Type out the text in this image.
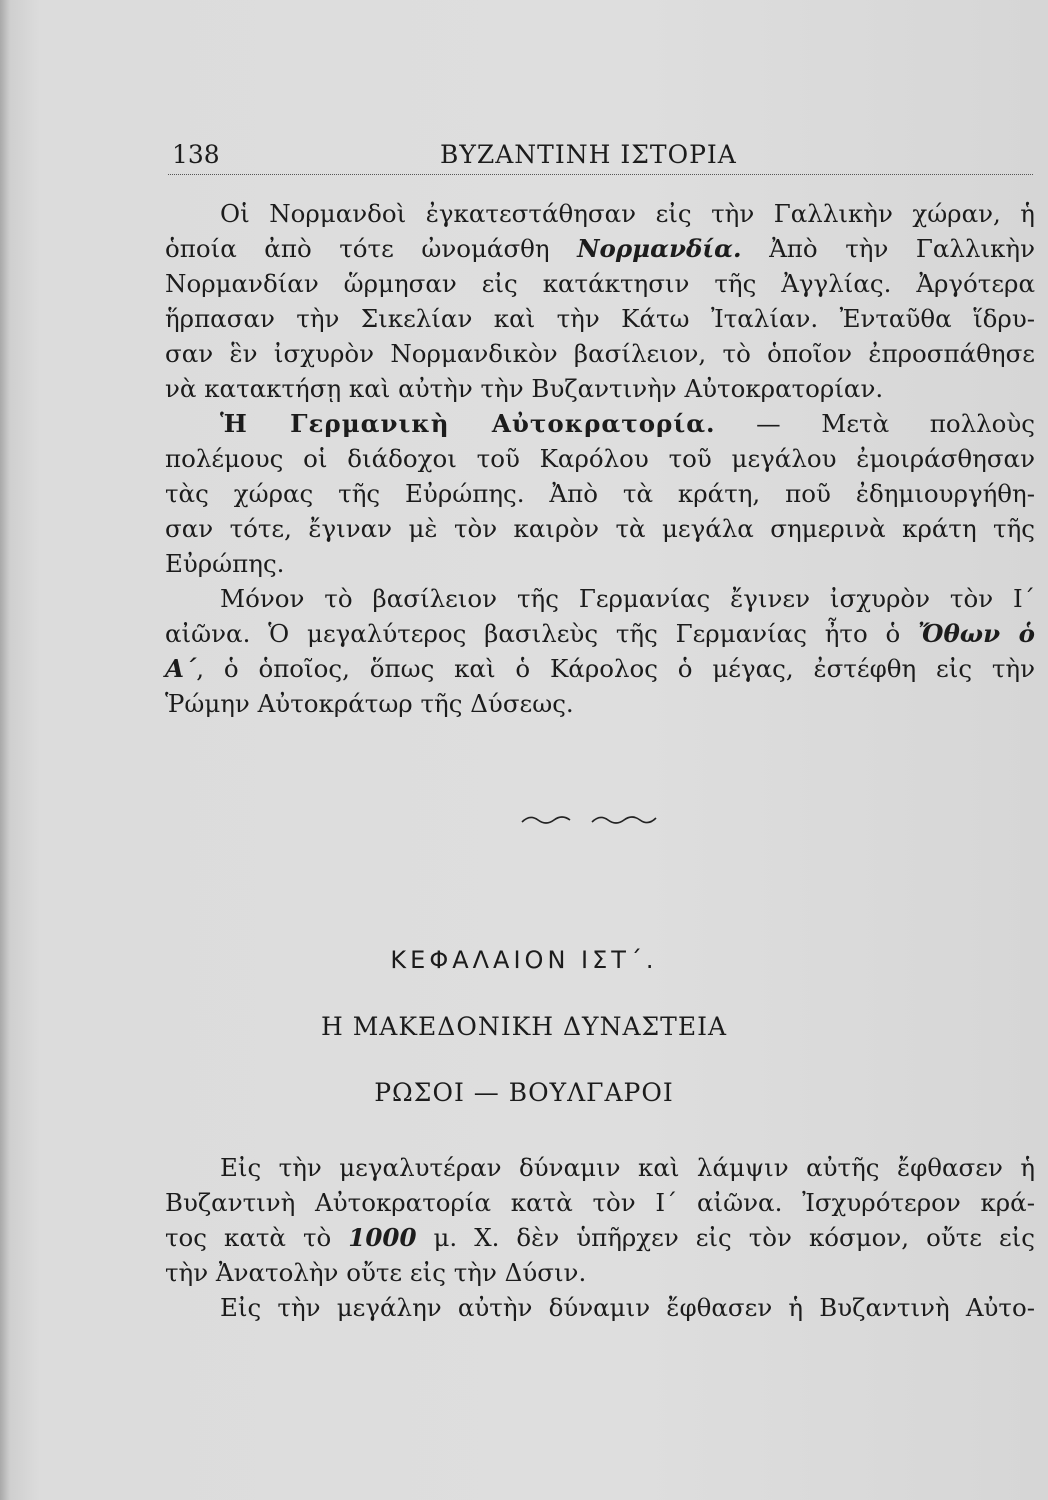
138	ΒΥΖΑΝΤΙΝΗ ΙΣΤΟΡΙΑ
Οἱ Νορμανδοὶ ἐγκατεστάθησαν εἰς τὴν Γαλλικὴν χώραν, ἡ
ὁποία ἀπὸ τότε ὠνομάσθη Νορμανδία. Ἀπὸ τὴν Γαλλικὴν
Νορμανδίαν ὥρμησαν εἰς κατάκτησιν τῆς Ἀγγλίας. Ἀργότερα
ἥρπασαν τὴν Σικελίαν καὶ τὴν Κάτω Ἰταλίαν. Ἐνταῦθα ἵδρυ-
σαν ἓν ἰσχυρὸν Νορμανδικὸν βασίλειον, τὸ ὁποῖον ἐπροσπάθησε
νὰ κατακτήσῃ καὶ αὐτὴν τὴν Βυζαντινὴν Αὐτοκρατορίαν.
Ἡ Γερμανικὴ Αὐτοκρατορία. — Μετὰ πολλοὺς
πολέμους οἱ διάδοχοι τοῦ Καρόλου τοῦ μεγάλου ἐμοιράσθησαν
τὰς χώρας τῆς Εὐρώπης. Ἀπὸ τὰ κράτη, ποῦ ἐδημιουργήθη-
σαν τότε, ἔγιναν μὲ τὸν καιρὸν τὰ μεγάλα σημερινὰ κράτη τῆς
Εὐρώπης.
Μόνον τὸ βασίλειον τῆς Γερμανίας ἔγινεν ἰσχυρὸν τὸν Ι΄
αἰῶνα. Ὁ μεγαλύτερος βασιλεὺς τῆς Γερμανίας ἦτο ὁ Ὄθων ὁ
Α΄, ὁ ὁποῖος, ὅπως καὶ ὁ Κάρολος ὁ μέγας, ἐστέφθη εἰς τὴν
Ῥώμην Αὐτοκράτωρ τῆς Δύσεως.
ΚΕΦΑΛΑΙΟΝ ΙΣΤ΄.
Η ΜΑΚΕΔΟΝΙΚΗ ΔΥΝΑΣΤΕΙΑ
ΡΩΣΟΙ — ΒΟΥΛΓΑΡΟΙ
Εἰς τὴν μεγαλυτέραν δύναμιν καὶ λάμψιν αὐτῆς ἔφθασεν ἡ
Βυζαντινὴ Αὐτοκρατορία κατὰ τὸν Ι΄ αἰῶνα. Ἰσχυρότερον κρά-
τος κατὰ τὸ 1000 μ. Χ. δὲν ὑπῆρχεν εἰς τὸν κόσμον, οὔτε εἰς
τὴν Ἀνατολὴν οὔτε εἰς τὴν Δύσιν.
Εἰς τὴν μεγάλην αὐτὴν δύναμιν ἔφθασεν ἡ Βυζαντινὴ Αὐτο-
